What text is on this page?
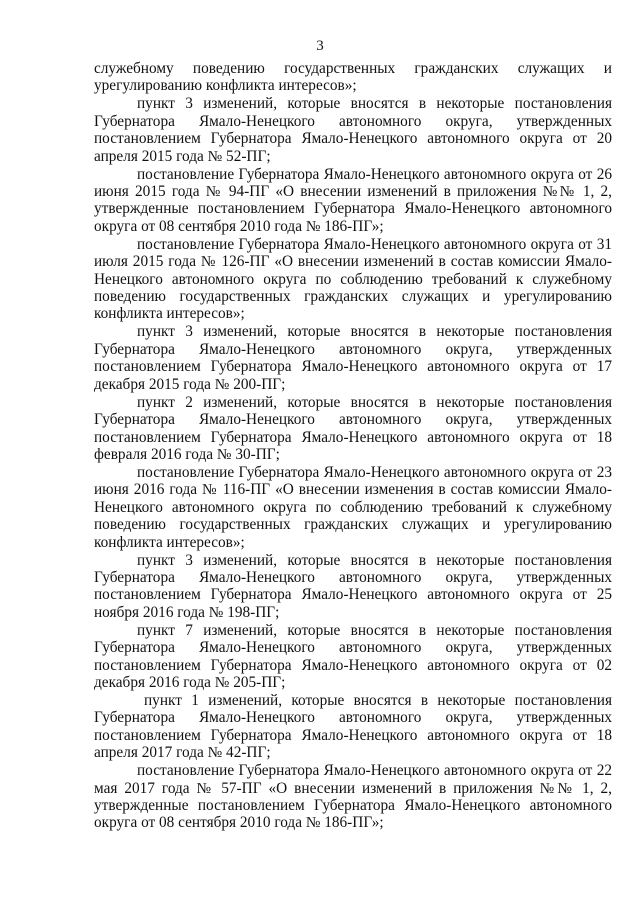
3

служебному поведению государственных гражданских служащих и урегулированию конфликта интересов»;

пункт 3 изменений, которые вносятся в некоторые постановления Губернатора Ямало-Ненецкого автономного округа, утвержденных постановлением Губернатора Ямало-Ненецкого автономного округа от 20 апреля 2015 года № 52-ПГ;

постановление Губернатора Ямало-Ненецкого автономного округа от 26 июня 2015 года № 94-ПГ «О внесении изменений в приложения №№ 1, 2, утвержденные постановлением Губернатора Ямало-Ненецкого автономного округа от 08 сентября 2010 года № 186-ПГ»;

постановление Губернатора Ямало-Ненецкого автономного округа от 31 июля 2015 года № 126-ПГ «О внесении изменений в состав комиссии Ямало-Ненецкого автономного округа по соблюдению требований к служебному поведению государственных гражданских служащих и урегулированию конфликта интересов»;

пункт 3 изменений, которые вносятся в некоторые постановления Губернатора Ямало-Ненецкого автономного округа, утвержденных постановлением Губернатора Ямало-Ненецкого автономного округа от 17 декабря 2015 года № 200-ПГ;

пункт 2 изменений, которые вносятся в некоторые постановления Губернатора Ямало-Ненецкого автономного округа, утвержденных постановлением Губернатора Ямало-Ненецкого автономного округа от 18 февраля 2016 года № 30-ПГ;

постановление Губернатора Ямало-Ненецкого автономного округа от 23 июня 2016 года № 116-ПГ «О внесении изменения в состав комиссии Ямало-Ненецкого автономного округа по соблюдению требований к служебному поведению государственных гражданских служащих и урегулированию конфликта интересов»;

пункт 3 изменений, которые вносятся в некоторые постановления Губернатора Ямало-Ненецкого автономного округа, утвержденных постановлением Губернатора Ямало-Ненецкого автономного округа от 25 ноября 2016 года № 198-ПГ;

пункт 7 изменений, которые вносятся в некоторые постановления Губернатора Ямало-Ненецкого автономного округа, утвержденных постановлением Губернатора Ямало-Ненецкого автономного округа от 02 декабря 2016 года № 205-ПГ;

пункт 1 изменений, которые вносятся в некоторые постановления Губернатора Ямало-Ненецкого автономного округа, утвержденных постановлением Губернатора Ямало-Ненецкого автономного округа от 18 апреля 2017 года № 42-ПГ;

постановление Губернатора Ямало-Ненецкого автономного округа от 22 мая 2017 года № 57-ПГ «О внесении изменений в приложения №№ 1, 2, утвержденные постановлением Губернатора Ямало-Ненецкого автономного округа от 08 сентября 2010 года № 186-ПГ»;
